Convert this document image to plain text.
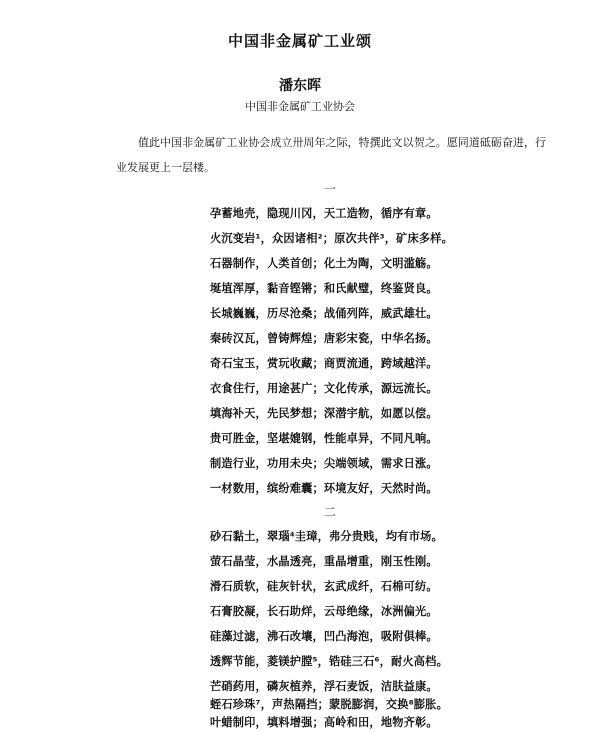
中国非金属矿工业颂
潘东晖
中国非金属矿工业协会
值此中国非金属矿工业协会成立卅周年之际，特撰此文以贺之。愿同道砥砺奋进，行业发展更上一层楼。
一
孕蓄地壳，隐现川冈，天工造物，循序有章。
火沉变岩¹，众因诸相²；原次共伴³，矿床多样。
石器制作，人类首创；化土为陶，文明滥觞。
埏埴浑厚，黏音铿锵；和氏献璧，终鉴贤良。
长城巍巍，历尽沧桑；战俑列阵，威武雄壮。
秦砖汉瓦，曾铸辉煌；唐彩宋瓷，中华名扬。
奇石宝玉，赏玩收藏；商贾流通，跨域越洋。
衣食住行，用途甚广；文化传承，源远流长。
填海补天，先民梦想；深潜宇航，如愿以偿。
贵可胜金，坚堪媲钢，性能卓异，不同凡响。
制造行业，功用未央；尖端领域，需求日涨。
一材数用，缤纷难囊；环境友好，天然时尚。
二
砂石黏土，翠瑙⁴圭璋，弗分贵贱，均有市场。
萤石晶莹，水晶透亮，重晶增重，刚玉性刚。
滑石质软，硅灰针状，玄武成纤，石棉可纺。
石膏胶凝，长石助烊，云母绝缘，冰洲偏光。
硅藻过滤，沸石改壤，凹凸海泡，吸附俱棒。
透辉节能，菱镁护膛⁵，锆硅三石⁶，耐火高档。
芒硝药用，磷灰植养，浮石麦饭，洁肤益康。
蛭石珍珠⁷，声热隔挡；蒙脱膨润，交换⁸膨胀。
叶蜡制印，填料增强；高岭和田，地物齐彰。
